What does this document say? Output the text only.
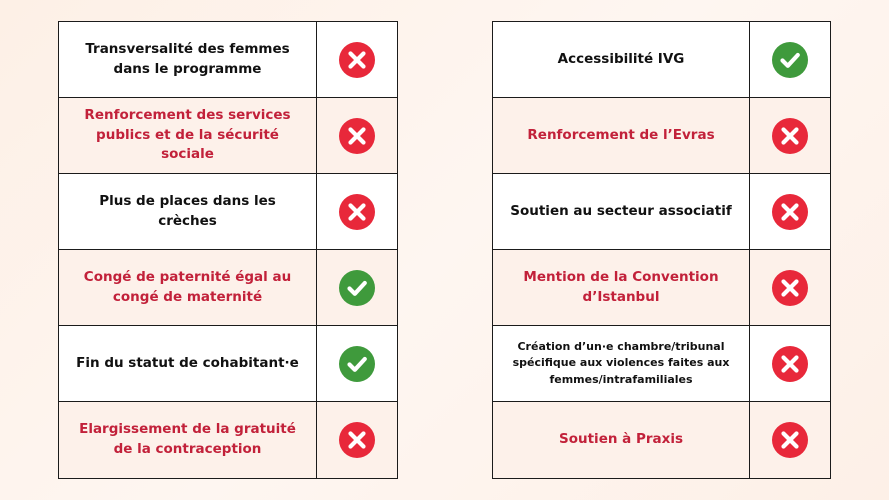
Transversalité des femmes dans le programme
Renforcement des services publics et de la sécurité sociale
Plus de places dans les crèches
Congé de paternité égal au congé de maternité
Fin du statut de cohabitant·e
Elargissement de la gratuité de la contraception
Accessibilité IVG
Renforcement de l’Evras
Soutien au secteur associatif
Mention de la Convention d’Istanbul
Création d’un·e chambre/tribunal spécifique aux violences faites aux femmes/intrafamiliales
Soutien à Praxis
